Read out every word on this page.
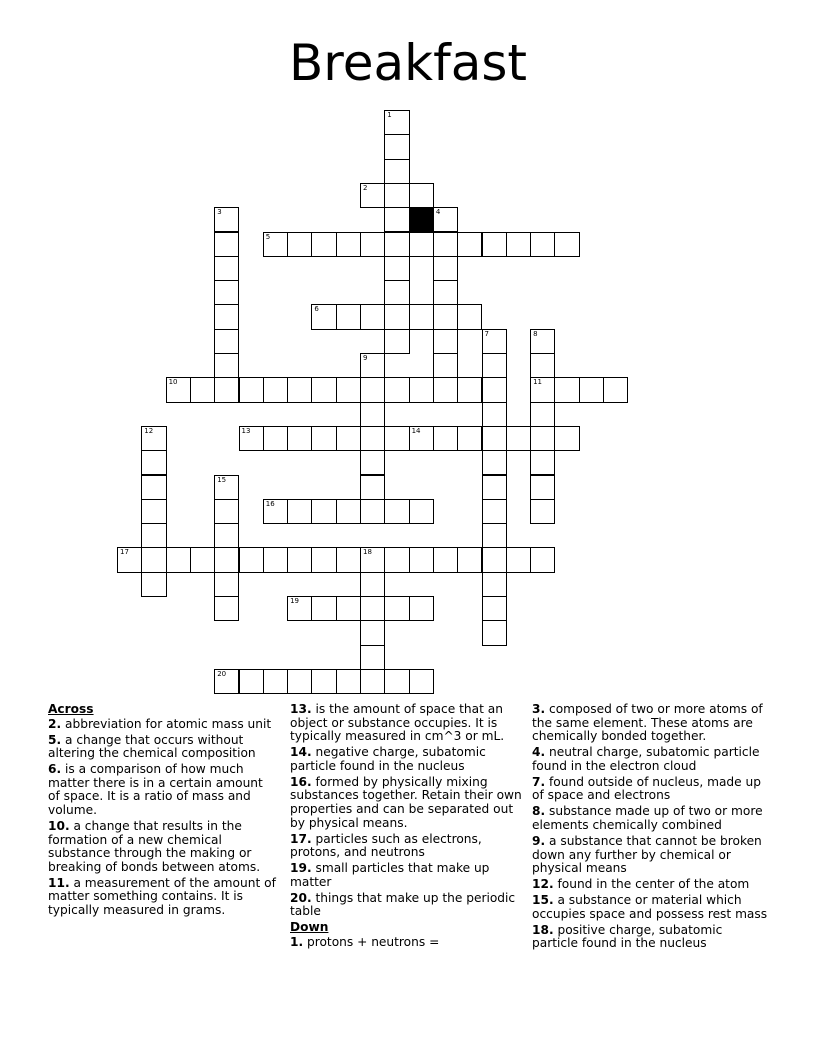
Breakfast
1
2
3	4
5
6
7	8
9
10	11
12	13	14
15
16
17	18
19
20
Across
2. abbreviation for atomic mass unit
5. a change that occurs without altering the chemical composition
6. is a comparison of how much matter there is in a certain amount of space. It is a ratio of mass and volume.
10. a change that results in the formation of a new chemical substance through the making or breaking of bonds between atoms.
11. a measurement of the amount of matter something contains. It is typically measured in grams.
13. is the amount of space that an object or substance occupies. It is typically measured in cm^3 or mL.
14. negative charge, subatomic particle found in the nucleus
16. formed by physically mixing substances together. Retain their own properties and can be separated out by physical means.
17. particles such as electrons, protons, and neutrons
19. small particles that make up matter
20. things that make up the periodic table
Down
1. protons + neutrons =
3. composed of two or more atoms of the same element. These atoms are chemically bonded together.
4. neutral charge, subatomic particle found in the electron cloud
7. found outside of nucleus, made up of space and electrons
8. substance made up of two or more elements chemically combined
9. a substance that cannot be broken down any further by chemical or physical means
12. found in the center of the atom
15. a substance or material which occupies space and possess rest mass
18. positive charge, subatomic particle found in the nucleus
